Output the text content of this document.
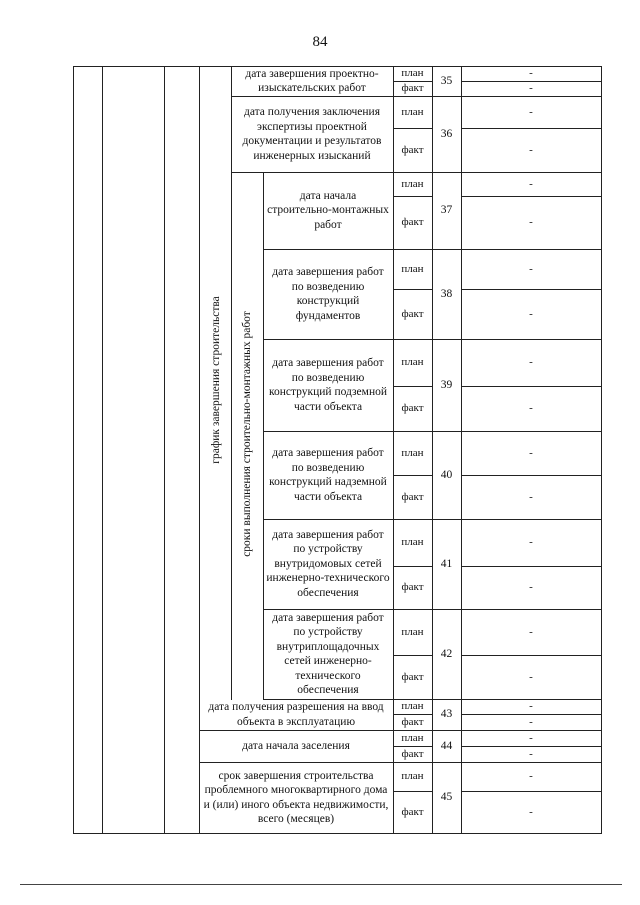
84
график завершения строительства сроки выполнения строительно-монтажных работ
дата завершения проектно-изыскательских работ
план
факт
35
-
-
дата получения заключения экспертизы проектной документации и результатов инженерных изысканий
план
факт
36
-
-
дата начала строительно-монтажных работ
план
факт
37
-
-
дата завершения работ по возведению конструкций фундаментов
план
факт
38
-
-
дата завершения работ по возведению конструкций подземной части объекта
план
факт
39
-
-
дата завершения работ по возведению конструкций надземной части объекта
план
факт
40
-
-
дата завершения работ по устройству внутридомовых сетей инженерно-технического обеспечения
план
факт
41
-
-
дата завершения работ по устройству внутриплощадочных сетей инженерно-технического обеспечения
план
факт
42
-
-
дата получения разрешения на ввод объекта в эксплуатацию
план
факт
43
-
-
дата начала заселения
план
факт
44
-
-
срок завершения строительства проблемного многоквартирного дома и (или) иного объекта недвижимости, всего (месяцев)
план
факт
45
-
-
